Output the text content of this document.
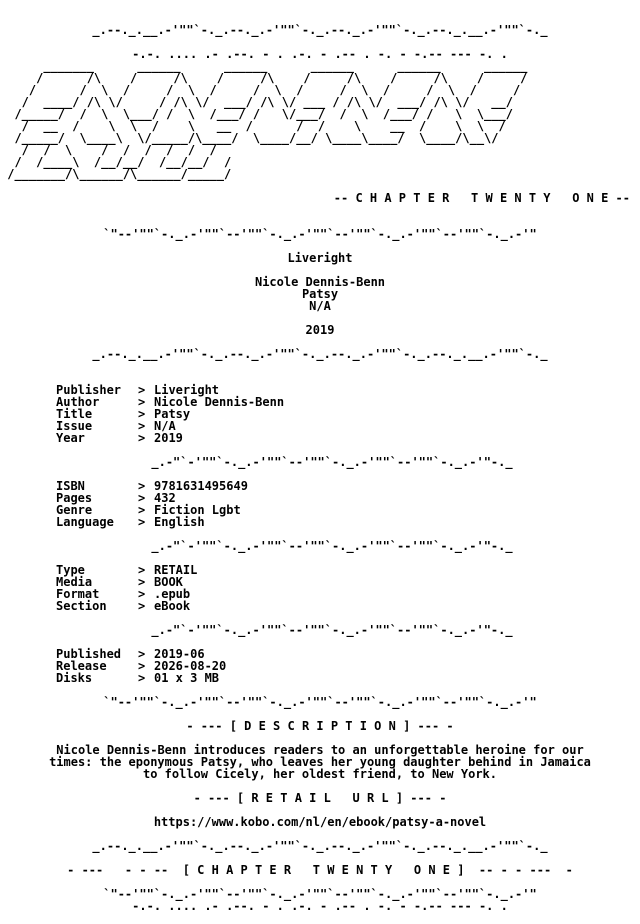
_.--._.__.-'""`-._.--._.-'""`-._.--._.-'""`-._.--._.__.-'""`-._
-.-. .... .- .--. - . .-. - .-- . -. - -.-- --- -. .
_______      ______      ______      ______      ______      ______
/      /\    /     /\    /     /\    /     /\    /     /\    /     /
/      /  \  /     /  \  /     /  \  /     /  \  /     /  \  /     /
/  ____/ /\ \/     / /\ \/  ___/ /\ \/ ___ / /\ \/  ___/ /\ \/   __/
/_____/  /  \  \___/ /  \  /___/ /   \/___/  /  \  /___/ /   \  \___/
/  __  /    \  \  /    \   __  /      /  /    \    __  /    \  \  /
/_____/  \____\  \/_____/\____/  \____/__/ \____\____/  \____/\__\/
/  /  \    /  /  /  /  /  /
/  /____\  /__/__/  /__/__/  /
/_______/\______/\______/_____/
-- C H A P T E R   T W E N T Y   O N E --
`"--'""`-._.-'""`--'""`-._.-'""`--'""`-._.-'""`--'""`-._.-'"
Liveright
Nicole Dennis-Benn
Patsy
N/A
2019
_.--._.__.-'""`-._.--._.-'""`-._.--._.-'""`-._.--._.__.-'""`-._
Publisher > Liveright
Author	> Nicole Dennis-Benn
Title	> Patsy
Issue	> N/A
Year	> 2019
_.-"`-'""`-._.-'""`--'""`-._.-'""`--'""`-._.-'"-._
ISBN	> 9781631495649
Pages	> 432
Genre	> Fiction Lgbt
Language > English
_.-"`-'""`-._.-'""`--'""`-._.-'""`--'""`-._.-'"-._
Type	> RETAIL
Media	> BOOK
Format	> .epub
Section	> eBook
_.-"`-'""`-._.-'""`--'""`-._.-'""`--'""`-._.-'"-._
Published > 2019-06
Release	> 2026-08-20
Disks	> 01 x 3 MB
`"--'""`-._.-'""`--'""`-._.-'""`--'""`-._.-'""`--'""`-._.-'"
- --- [ D E S C R I P T I O N ] --- -
Nicole Dennis-Benn introduces readers to an unforgettable heroine for our
times: the eponymous Patsy, who leaves her young daughter behind in Jamaica
to follow Cicely, her oldest friend, to New York.
- --- [ R E T A I L   U R L ] --- -
https://www.kobo.com/nl/en/ebook/patsy-a-novel
_.--._.__.-'""`-._.--._.-'""`-._.--._.-'""`-._.--._.__.-'""`-._
- ---   - - --  [ C H A P T E R   T W E N T Y   O N E ]  -- - - ---  -
`"--'""`-._.-'""`--'""`-._.-'""`--'""`-._.-'""`--'""`-._.-'"
-.-. .... .- .--. - . .-. - .-- . -. - -.-- --- -. .
